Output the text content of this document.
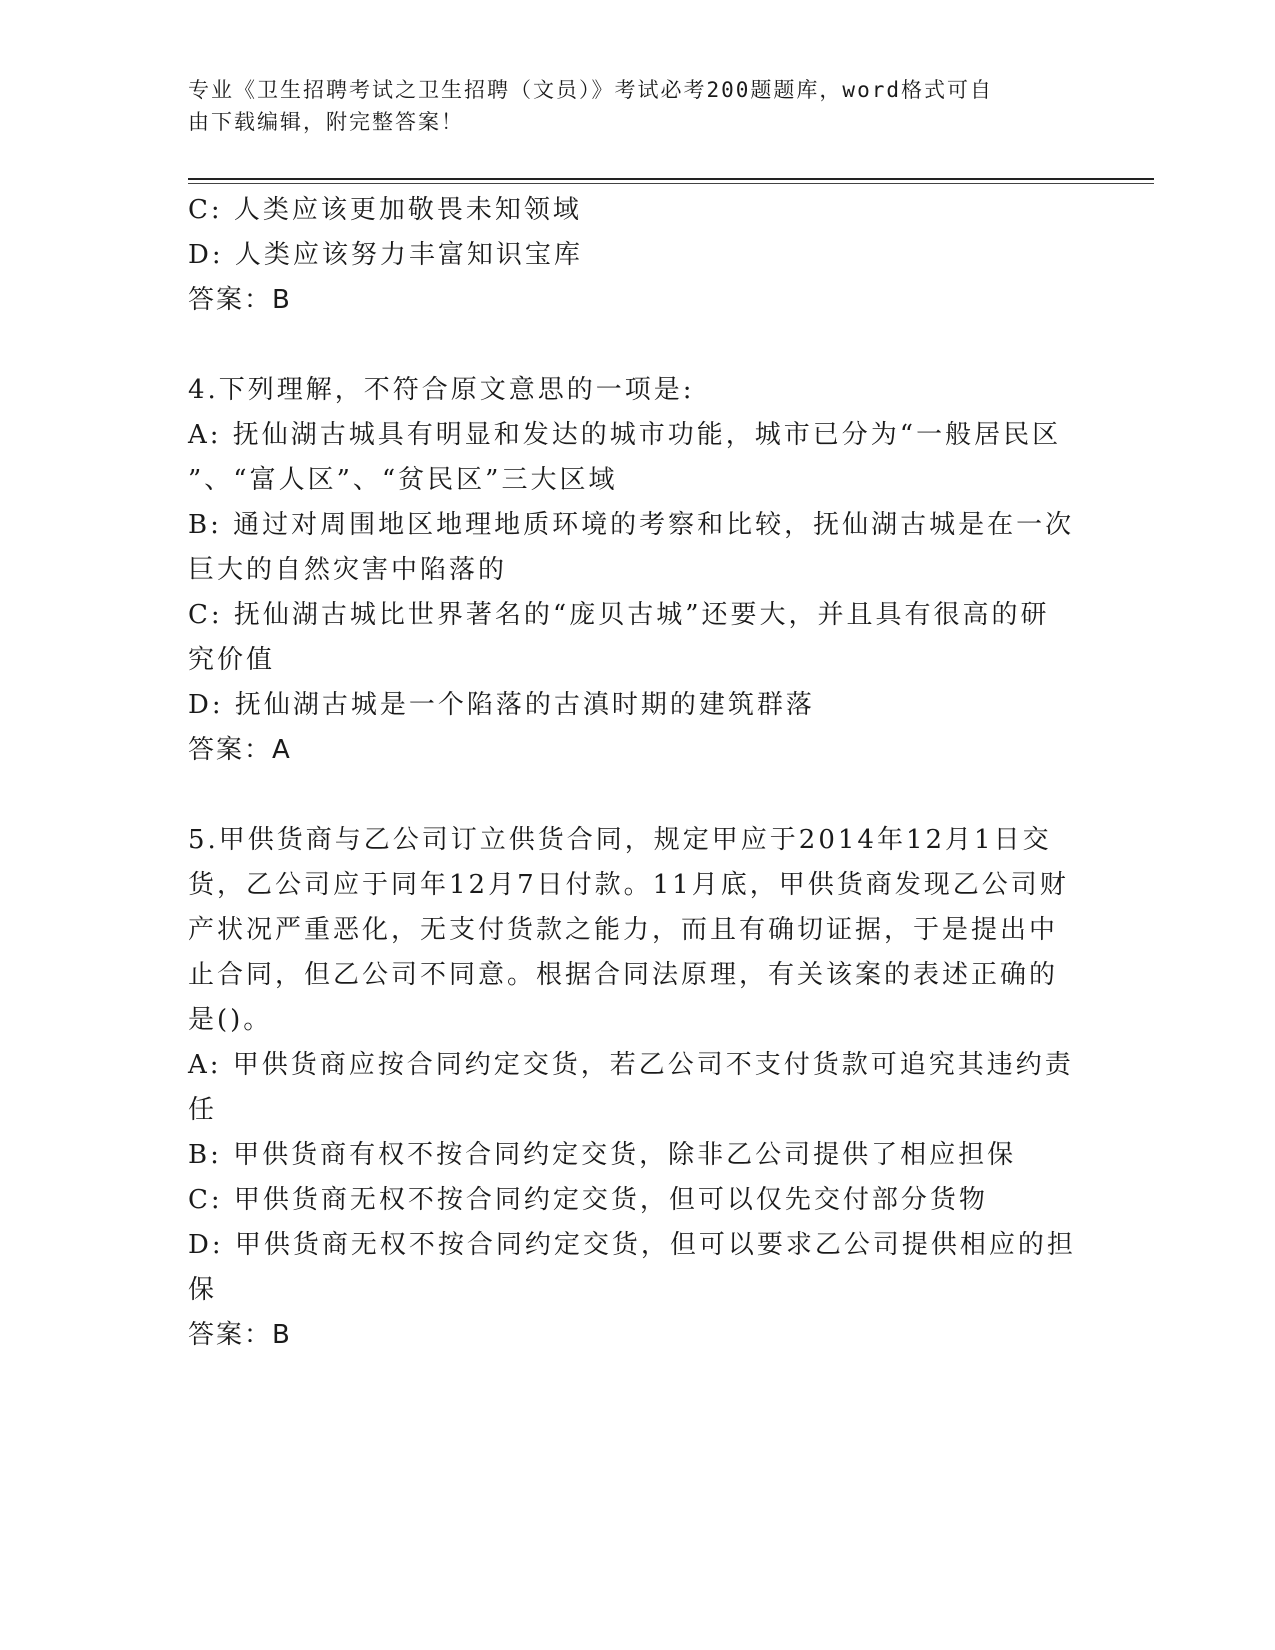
专业《卫生招聘考试之卫生招聘（文员）》考试必考200题题库，word格式可自
由下载编辑，附完整答案！

C: 人类应该更加敬畏未知领域

D: 人类应该努力丰富知识宝库

答案：B

4.下列理解，不符合原文意思的一项是:

A: 抚仙湖古城具有明显和发达的城市功能，城市已分为“一般居民区

”、“富人区”、“贫民区”三大区域

B: 通过对周围地区地理地质环境的考察和比较，抚仙湖古城是在一次

巨大的自然灾害中陷落的

C: 抚仙湖古城比世界著名的“庞贝古城”还要大，并且具有很高的研

究价值

D: 抚仙湖古城是一个陷落的古滇时期的建筑群落

答案：A

5.甲供货商与乙公司订立供货合同，规定甲应于2014年12月1日交

货，乙公司应于同年12月7日付款。11月底，甲供货商发现乙公司财

产状况严重恶化，无支付货款之能力，而且有确切证据，于是提出中

止合同，但乙公司不同意。根据合同法原理，有关该案的表述正确的

是()。

A: 甲供货商应按合同约定交货，若乙公司不支付货款可追究其违约责

任

B: 甲供货商有权不按合同约定交货，除非乙公司提供了相应担保

C: 甲供货商无权不按合同约定交货，但可以仅先交付部分货物

D: 甲供货商无权不按合同约定交货，但可以要求乙公司提供相应的担

保

答案：B
